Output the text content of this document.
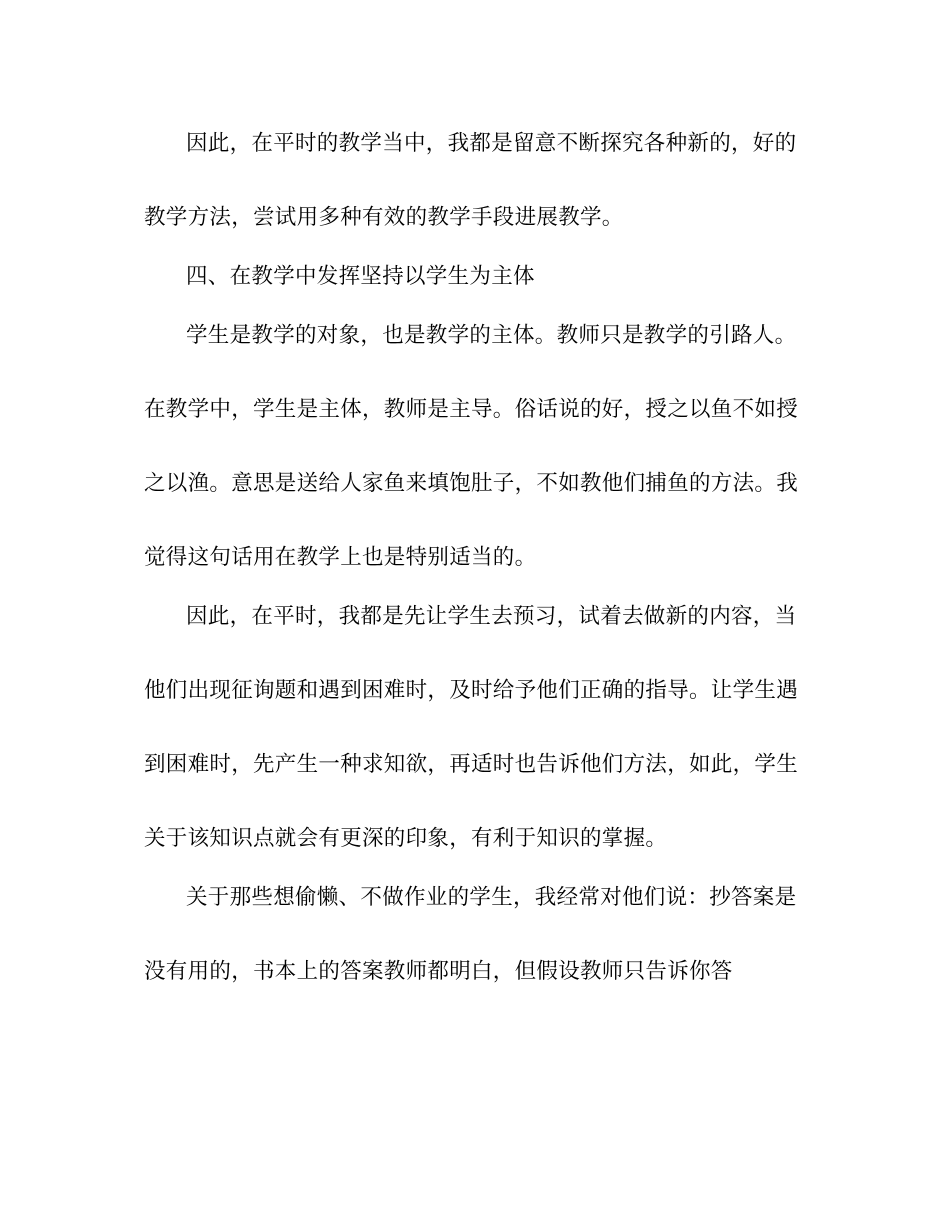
因此，在平时的教学当中，我都是留意不断探究各种新的，好的
教学方法，尝试用多种有效的教学手段进展教学。
四、在教学中发挥坚持以学生为主体
学生是教学的对象，也是教学的主体。教师只是教学的引路人。
在教学中，学生是主体，教师是主导。俗话说的好，授之以鱼不如授
之以渔。意思是送给人家鱼来填饱肚子，不如教他们捕鱼的方法。我
觉得这句话用在教学上也是特别适当的。
因此，在平时，我都是先让学生去预习，试着去做新的内容，当
他们出现征询题和遇到困难时，及时给予他们正确的指导。让学生遇
到困难时，先产生一种求知欲，再适时也告诉他们方法，如此，学生
关于该知识点就会有更深的印象，有利于知识的掌握。
关于那些想偷懒、不做作业的学生，我经常对他们说：抄答案是
没有用的，书本上的答案教师都明白，但假设教师只告诉你答
